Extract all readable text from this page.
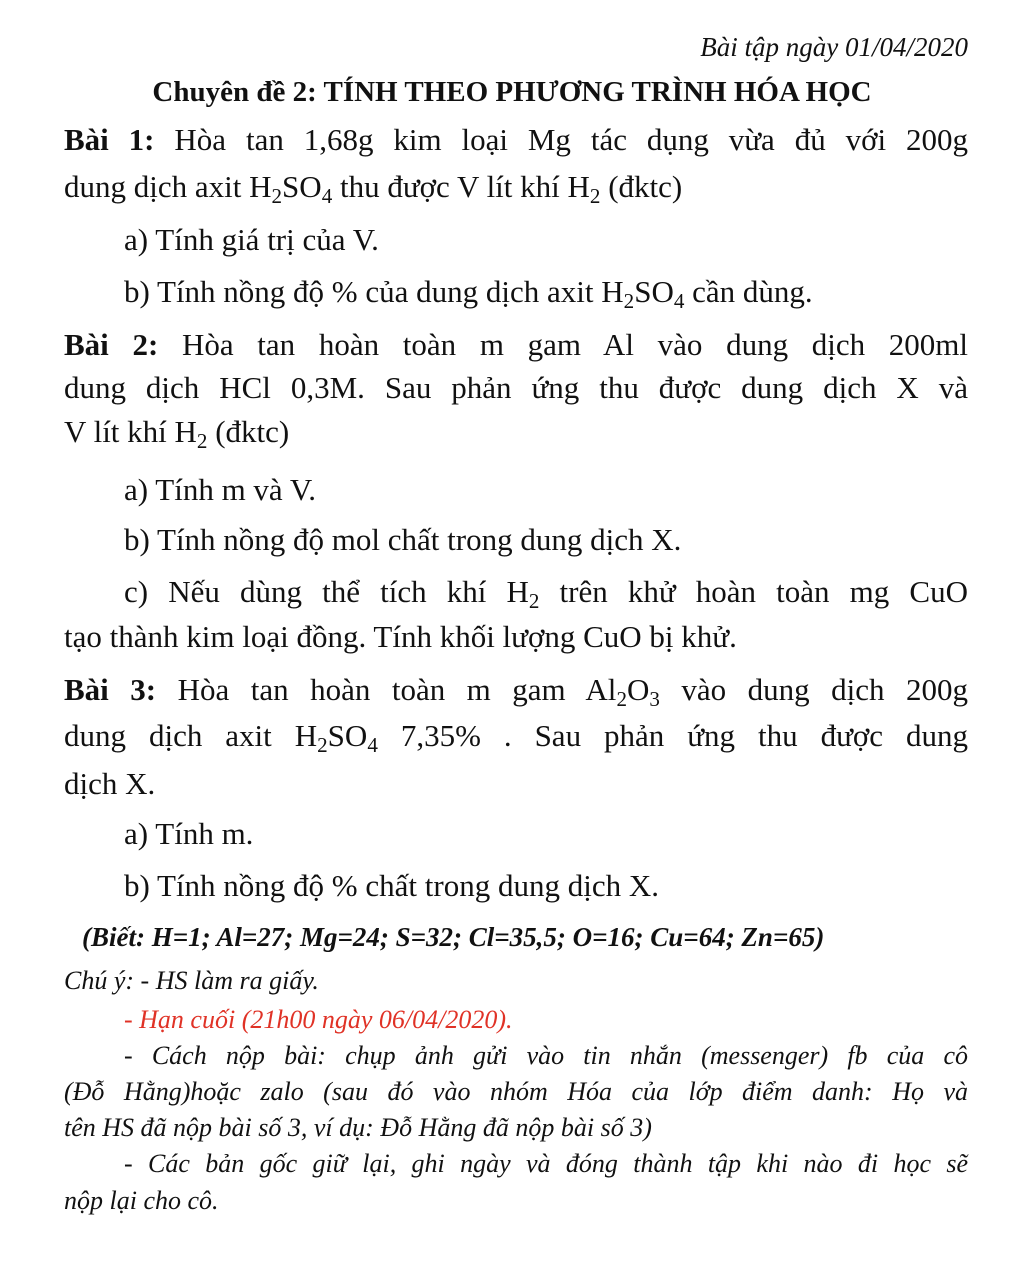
Bài tập ngày 01/04/2020
Chuyên đề 2: TÍNH THEO PHƯƠNG TRÌNH HÓA HỌC
Bài 1: Hòa tan 1,68g kim loại Mg tác dụng vừa đủ với 200g
dung dịch axit $H_2SO_4$ thu được V lít khí $H_2$ (đktc)
a) Tính giá trị của V.
b) Tính nồng độ % của dung dịch axit $H_2SO_4$ cần dùng.
Bài 2: Hòa tan hoàn toàn m gam Al vào dung dịch 200ml
dung dịch HCl 0,3M. Sau phản ứng thu được dung dịch X và
V lít khí $H_2$ (đktc)
a) Tính m và V.
b) Tính nồng độ mol chất trong dung dịch X.
c) Nếu dùng thể tích khí $H_2$ trên khử hoàn toàn mg CuO
tạo thành kim loại đồng. Tính khối lượng CuO bị khử.
Bài 3: Hòa tan hoàn toàn m gam $Al_2O_3$ vào dung dịch 200g
dung dịch axit $H_2SO_4$ 7,35% . Sau phản ứng thu được dung
dịch X.
a) Tính m.
b) Tính nồng độ % chất trong dung dịch X.
(Biết: H=1; Al=27; Mg=24; S=32; Cl=35,5; O=16; Cu=64; Zn=65)
Chú ý: - HS làm ra giấy.
- Hạn cuối (21h00 ngày 06/04/2020).
- Cách nộp bài: chụp ảnh gửi vào tin nhắn (messenger) fb của cô
(Đỗ Hằng)hoặc zalo (sau đó vào nhóm Hóa của lớp điểm danh: Họ và
tên HS đã nộp bài số 3, ví dụ: Đỗ Hằng đã nộp bài số 3)
- Các bản gốc giữ lại, ghi ngày và đóng thành tập khi nào đi học sẽ
nộp lại cho cô.
